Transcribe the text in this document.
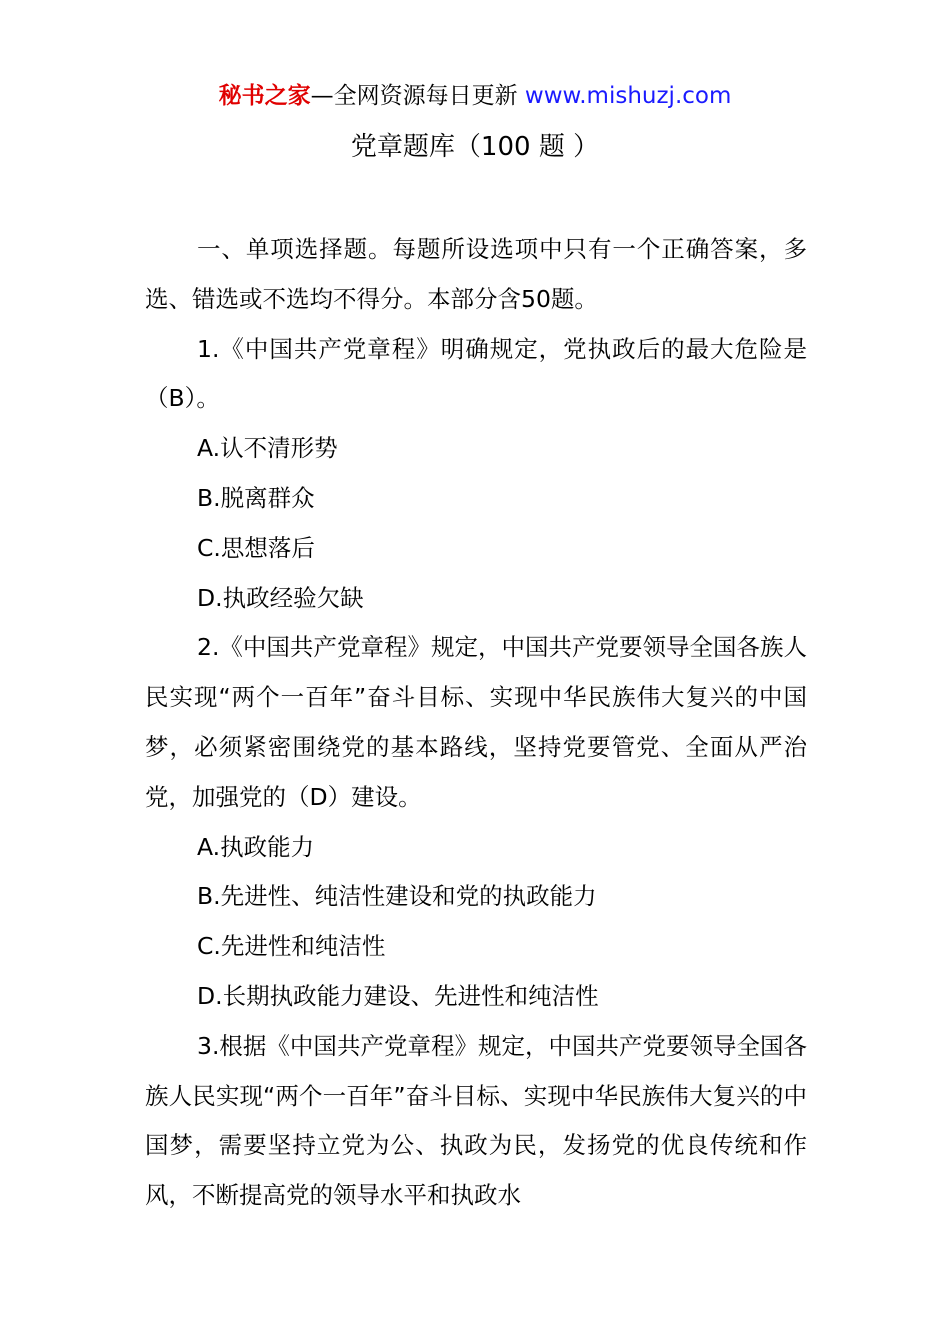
秘书之家—全网资源每日更新 www.mishuzj.com
党章题库（100 题 ）

一、单项选择题。每题所设选项中只有一个正确答案，多选、错选或不选均不得分。本部分含50题。

1.《中国共产党章程》明确规定，党执政后的最大危险是（B）。

A.认不清形势

B.脱离群众

C.思想落后

D.执政经验欠缺

2.《中国共产党章程》规定，中国共产党要领导全国各族人民实现“两个一百年”奋斗目标、实现中华民族伟大复兴的中国梦，必须紧密围绕党的基本路线，坚持党要管党、全面从严治党，加强党的（D）建设。

A.执政能力

B.先进性、纯洁性建设和党的执政能力

C.先进性和纯洁性

D.长期执政能力建设、先进性和纯洁性

3.根据《中国共产党章程》规定，中国共产党要领导全国各族人民实现“两个一百年”奋斗目标、实现中华民族伟大复兴的中国梦，需要坚持立党为公、执政为民，发扬党的优良传统和作风，不断提高党的领导水平和执政水
